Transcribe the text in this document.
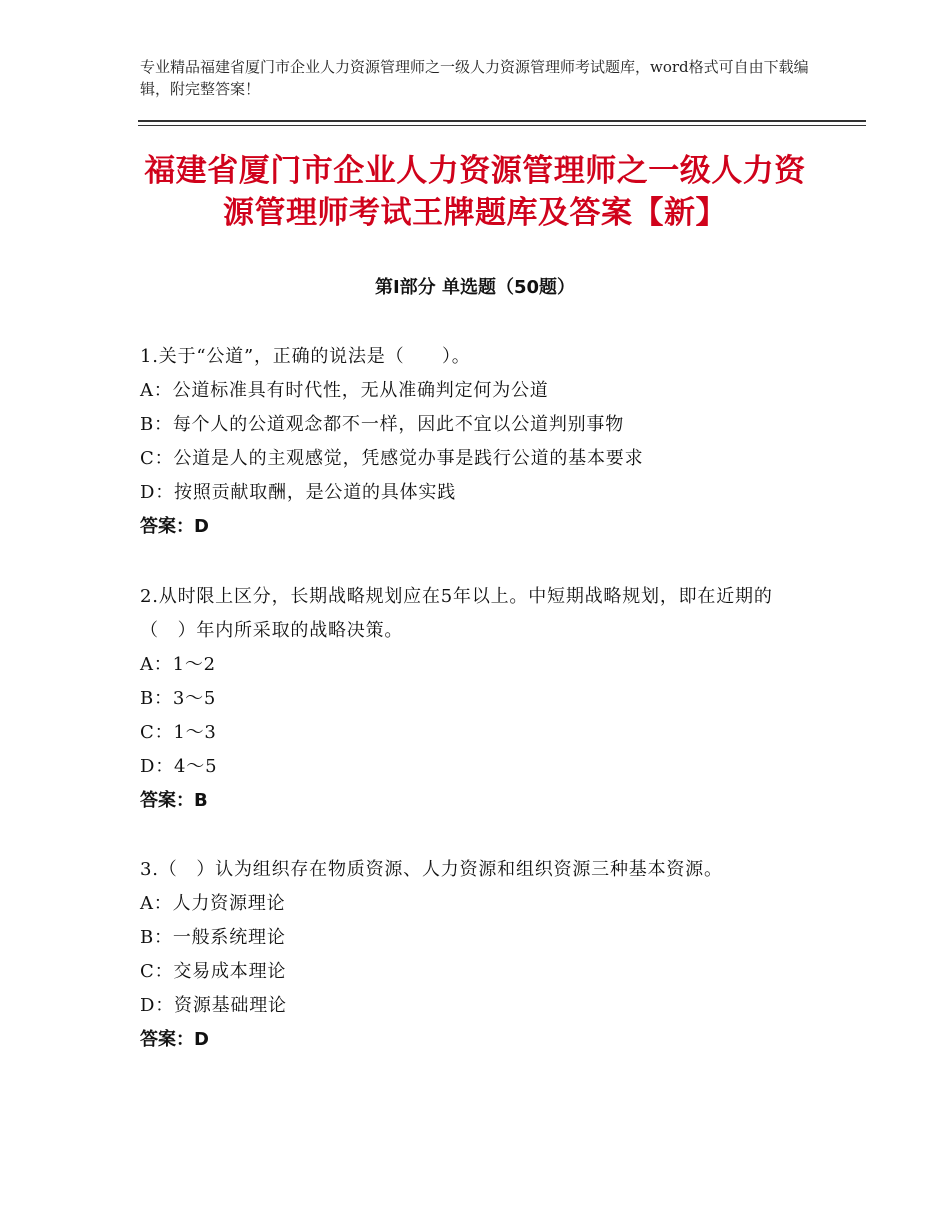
专业精品福建省厦门市企业人力资源管理师之一级人力资源管理师考试题库，word格式可自由下载编辑，附完整答案！
福建省厦门市企业人力资源管理师之一级人力资源管理师考试王牌题库及答案【新】
第Ⅰ部分 单选题（50题）
1.关于“公道”，正确的说法是（　　）。
A：公道标准具有时代性，无从准确判定何为公道
B：每个人的公道观念都不一样，因此不宜以公道判别事物
C：公道是人的主观感觉，凭感觉办事是践行公道的基本要求
D：按照贡献取酬，是公道的具体实践
答案：D
2.从时限上区分，长期战略规划应在5年以上。中短期战略规划，即在近期的（　）年内所采取的战略决策。
A：1～2
B：3～5
C：1～3
D：4～5
答案：B
3.（　）认为组织存在物质资源、人力资源和组织资源三种基本资源。
A：人力资源理论
B：一般系统理论
C：交易成本理论
D：资源基础理论
答案：D
